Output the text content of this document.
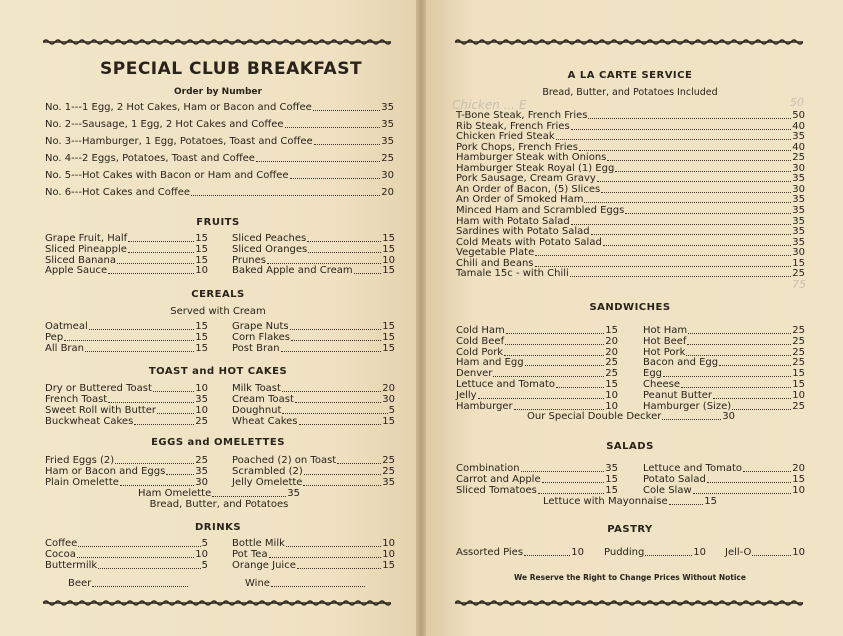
SPECIAL CLUB BREAKFAST
Order by Number
No. 1---1 Egg, 2 Hot Cakes, Ham or Bacon and Coffee	35
No. 2---Sausage, 1 Egg, 2 Hot Cakes and Coffee	35
No. 3---Hamburger, 1 Egg, Potatoes, Toast and Coffee	35
No. 4---2 Eggs, Potatoes, Toast and Coffee	25
No. 5---Hot Cakes with Bacon or Ham and Coffee	30
No. 6---Hot Cakes and Coffee	20
FRUITS
Grape Fruit, Half	15
Sliced Pineapple	15
Sliced Banana	15
Apple Sauce	10
Sliced Peaches	15
Sliced Oranges	15
Prunes	10
Baked Apple and Cream	15
CEREALS
Served with Cream
Oatmeal	15
Pep	15
All Bran	15
Grape Nuts	15
Corn Flakes	15
Post Bran	15
TOAST and HOT CAKES
Dry or Buttered Toast	10
French Toast	35
Sweet Roll with Butter	10
Buckwheat Cakes	25
Milk Toast	20
Cream Toast	30
Doughnut	5
Wheat Cakes	15
EGGS and OMELETTES
Fried Eggs (2)	25
Ham or Bacon and Eggs	35
Plain Omelette	30
Poached (2) on Toast	25
Scrambled (2)	25
Jelly Omelette	35
Ham Omelette	35
Bread, Butter, and Potatoes
DRINKS
Coffee	5
Cocoa	10
Buttermilk	5
Bottle Milk	10
Pot Tea	10
Orange Juice	15
Beer	Wine
A LA CARTE SERVICE
Bread, Butter, and Potatoes Included
Chicken ... E	50
75
T-Bone Steak, French Fries	50
Rib Steak, French Fries	40
Chicken Fried Steak	35
Pork Chops, French Fries	40
Hamburger Steak with Onions	25
Hamburger Steak Royal (1) Egg	30
Pork Sausage, Cream Gravy	35
An Order of Bacon, (5) Slices	30
An Order of Smoked Ham	35
Minced Ham and Scrambled Eggs	35
Ham with Potato Salad	35
Sardines with Potato Salad	35
Cold Meats with Potato Salad	35
Vegetable Plate	30
Chili and Beans	15
Tamale 15c - with Chili	25
SANDWICHES
Cold Ham	15
Cold Beef	20
Cold Pork	20
Ham and Egg	25
Denver	25
Lettuce and Tomato	15
Jelly	10
Hamburger	10
Hot Ham	25
Hot Beef	25
Hot Pork	25
Bacon and Egg	25
Egg	15
Cheese	15
Peanut Butter	10
Hamburger (Size)	25
Our Special Double Decker	30
SALADS
Combination	35
Carrot and Apple	15
Sliced Tomatoes	15
Lettuce and Tomato	20
Potato Salad	15
Cole Slaw	10
Lettuce with Mayonnaise	15
PASTRY
Assorted Pies	10 Pudding	10 Jell-O	10
We Reserve the Right to Change Prices Without Notice
